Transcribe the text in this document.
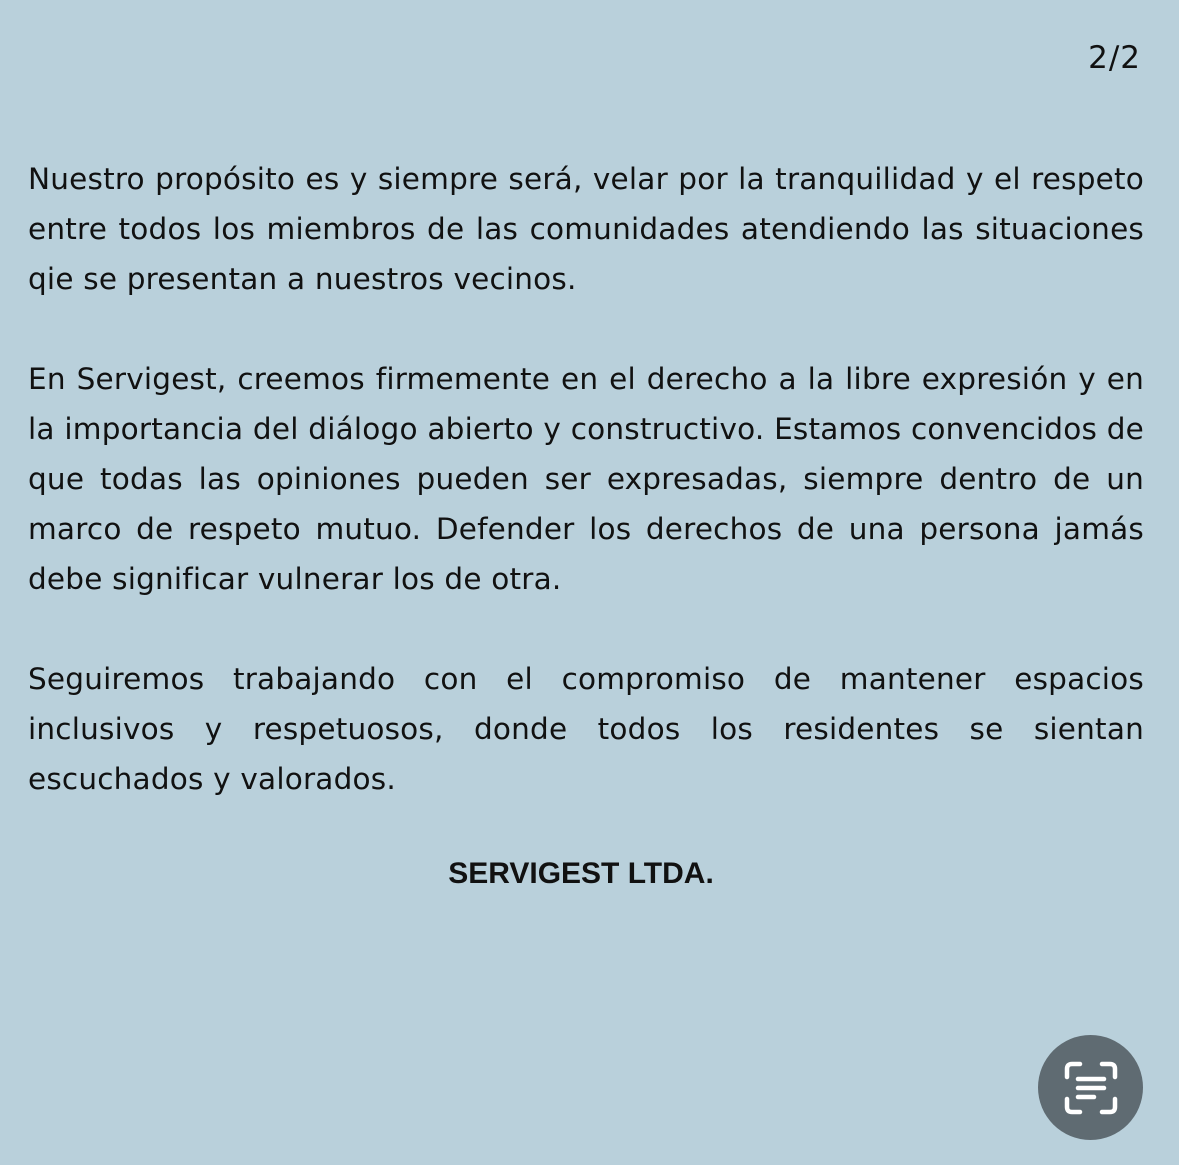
2/2

Nuestro propósito es y siempre será, velar por la tranquilidad y el respeto entre todos los miembros de las comunidades atendiendo las situaciones qie se presentan a nuestros vecinos.

En Servigest, creemos firmemente en el derecho a la libre expresión y en la importancia del diálogo abierto y constructivo. Estamos convencidos de que todas las opiniones pueden ser expresadas, siempre dentro de un marco de respeto mutuo. Defender los derechos de una persona jamás debe significar vulnerar los de otra.

Seguiremos trabajando con el compromiso de mantener espacios inclusivos y respetuosos, donde todos los residentes se sientan escuchados y valorados.

SERVIGEST LTDA.
